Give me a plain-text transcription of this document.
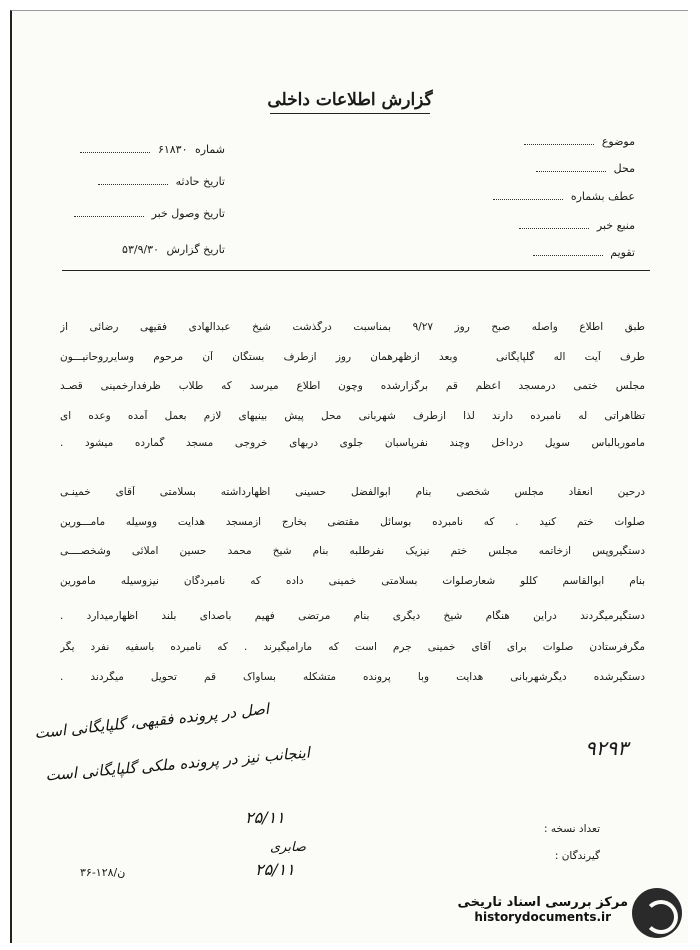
گزارش اطلاعات داخلی
شماره ۶۱۸۳۰
تاریخ حادثه
تاریخ وصول خبر
تاریخ گزارش ۵۳/۹/۳۰
موضوع
محل
عطف بشماره
منبع خبر
تقویم
طبق اطلاع واصله صبح روز ۹/۲۷ بمناسبت درگذشت شیخ عبدالهادی فقیهی رضائی از
طرف آیت اله گلپایگانی ‌ وبعد ازظهرهمان روز ازطرف بستگان آن مرحوم وسایرروحانیـــون
مجلس ختمی درمسجد اعظم قم برگزارشده وچون اطلاع میرسد که طلاب ظرفدارخمینی قصـد
تظاهراتی له نامبرده دارند لذا ازطرف شهربانی محل پیش بینیهای لازم بعمل آمده وعده ای
ماموربالباس سویل درداخل وچند نفرپاسبان جلوی دربهای خروجی مسجد گمارده میشود .
درحین انعقاد مجلس شخصی بنام ابوالفضل حسینی اظهارداشته بسلامتی آقای خمینـی
صلوات ختم کنید . که نامبرده بوسائل مقتضی بخارج ازمسجد هدایت ووسیله مامـــورین
دستگیروپس ازخاتمه مجلس ختم نیزیک نفرطلبه بنام شیخ محمد حسین املائی وشخصــــی
بنام ابوالقاسم کللو شعارصلوات بسلامتی خمینی داده که نامبردگان نیزوسیله مامورین
دستگیرمیگردند دراین هنگام شیخ دیگری بنام مرتضی فهیم باصدای بلند اظهارمیدارد .
مگرفرستادن صلوات برای آقای خمینی جرم است که مارامیگیرند . که نامبرده باسفیه نفرد یگر
دستگیرشده دیگرشهربانی هدایت وبا پرونده متشکله بساواک قم تحویل میگردند .
اصل در پرونده فقیهی، گلپایگانی است
اینجانب نیز در پرونده ملکی گلپایگانی است	۹۲۹۳
تعداد نسخه :
گیرندگان :
۲۵/۱۱
صابری
۲۵/۱۱
۳۶-۱۲۸/ن
مرکز بررسی اسناد تاریخی
historydocuments.ir
